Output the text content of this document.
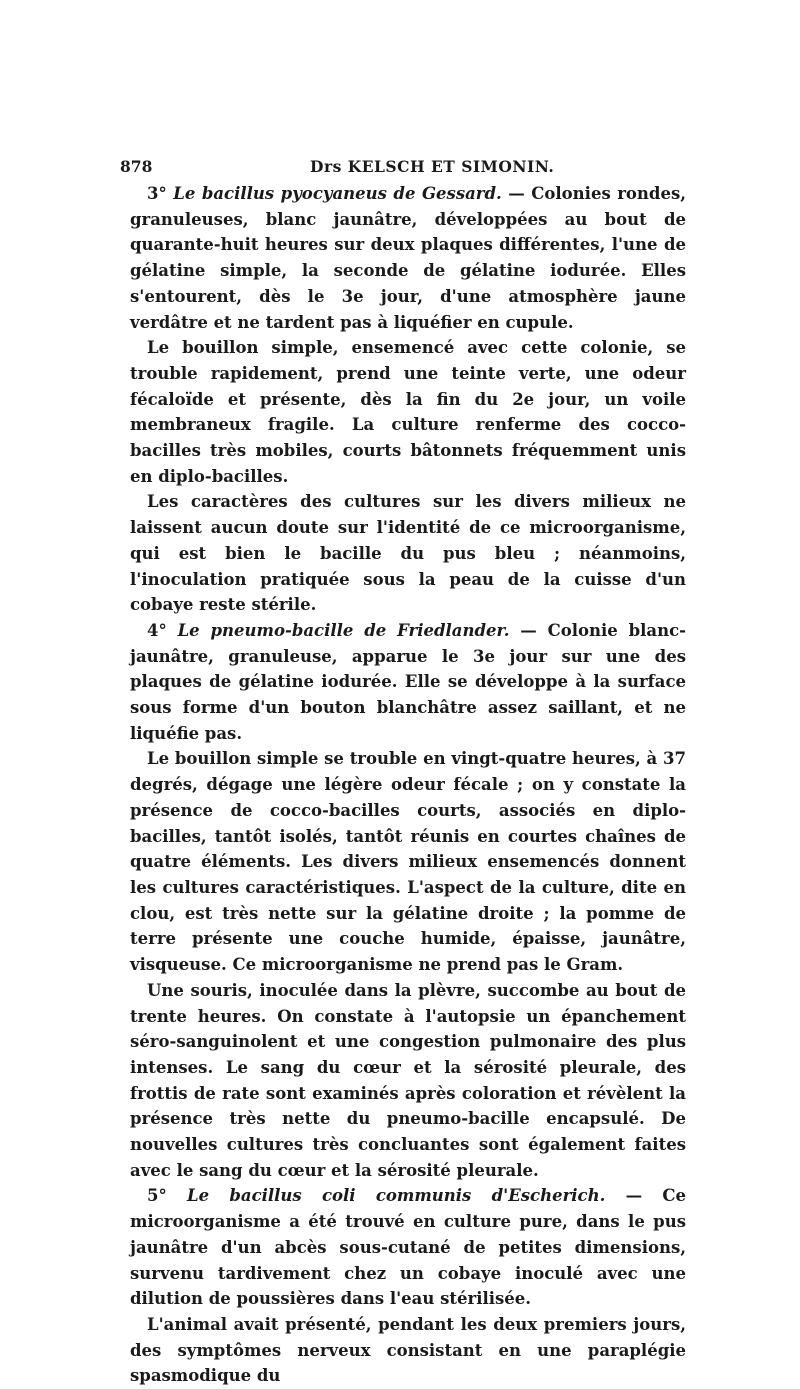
878	Drs KELSCH ET SIMONIN.

3° Le bacillus pyocyaneus de Gessard. — Colonies rondes, granuleuses, blanc jaunâtre, développées au bout de quarante-huit heures sur deux plaques différentes, l'une de gélatine simple, la seconde de gélatine iodurée. Elles s'entourent, dès le 3e jour, d'une atmosphère jaune verdâtre et ne tardent pas à liquéfier en cupule.

Le bouillon simple, ensemencé avec cette colonie, se trouble rapidement, prend une teinte verte, une odeur fécaloïde et présente, dès la fin du 2e jour, un voile membraneux fragile. La culture renferme des cocco-bacilles très mobiles, courts bâtonnets fréquemment unis en diplo-bacilles.

Les caractères des cultures sur les divers milieux ne laissent aucun doute sur l'identité de ce microorganisme, qui est bien le bacille du pus bleu ; néanmoins, l'inoculation pratiquée sous la peau de la cuisse d'un cobaye reste stérile.

4° Le pneumo-bacille de Friedlander. — Colonie blanc-jaunâtre, granuleuse, apparue le 3e jour sur une des plaques de gélatine iodurée. Elle se développe à la surface sous forme d'un bouton blanchâtre assez saillant, et ne liquéfie pas.

Le bouillon simple se trouble en vingt-quatre heures, à 37 degrés, dégage une légère odeur fécale ; on y constate la présence de cocco-bacilles courts, associés en diplo-bacilles, tantôt isolés, tantôt réunis en courtes chaînes de quatre éléments. Les divers milieux ensemencés donnent les cultures caractéristiques. L'aspect de la culture, dite en clou, est très nette sur la gélatine droite ; la pomme de terre présente une couche humide, épaisse, jaunâtre, visqueuse. Ce microorganisme ne prend pas le Gram.

Une souris, inoculée dans la plèvre, succombe au bout de trente heures. On constate à l'autopsie un épanchement séro-sanguinolent et une congestion pulmonaire des plus intenses. Le sang du cœur et la sérosité pleurale, des frottis de rate sont examinés après coloration et révèlent la présence très nette du pneumo-bacille encapsulé. De nouvelles cultures très concluantes sont également faites avec le sang du cœur et la sérosité pleurale.

5° Le bacillus coli communis d'Escherich. — Ce microorganisme a été trouvé en culture pure, dans le pus jaunâtre d'un abcès sous-cutané de petites dimensions, survenu tardivement chez un cobaye inoculé avec une dilution de poussières dans l'eau stérilisée.

L'animal avait présenté, pendant les deux premiers jours, des symptômes nerveux consistant en une paraplégie spasmodique du
